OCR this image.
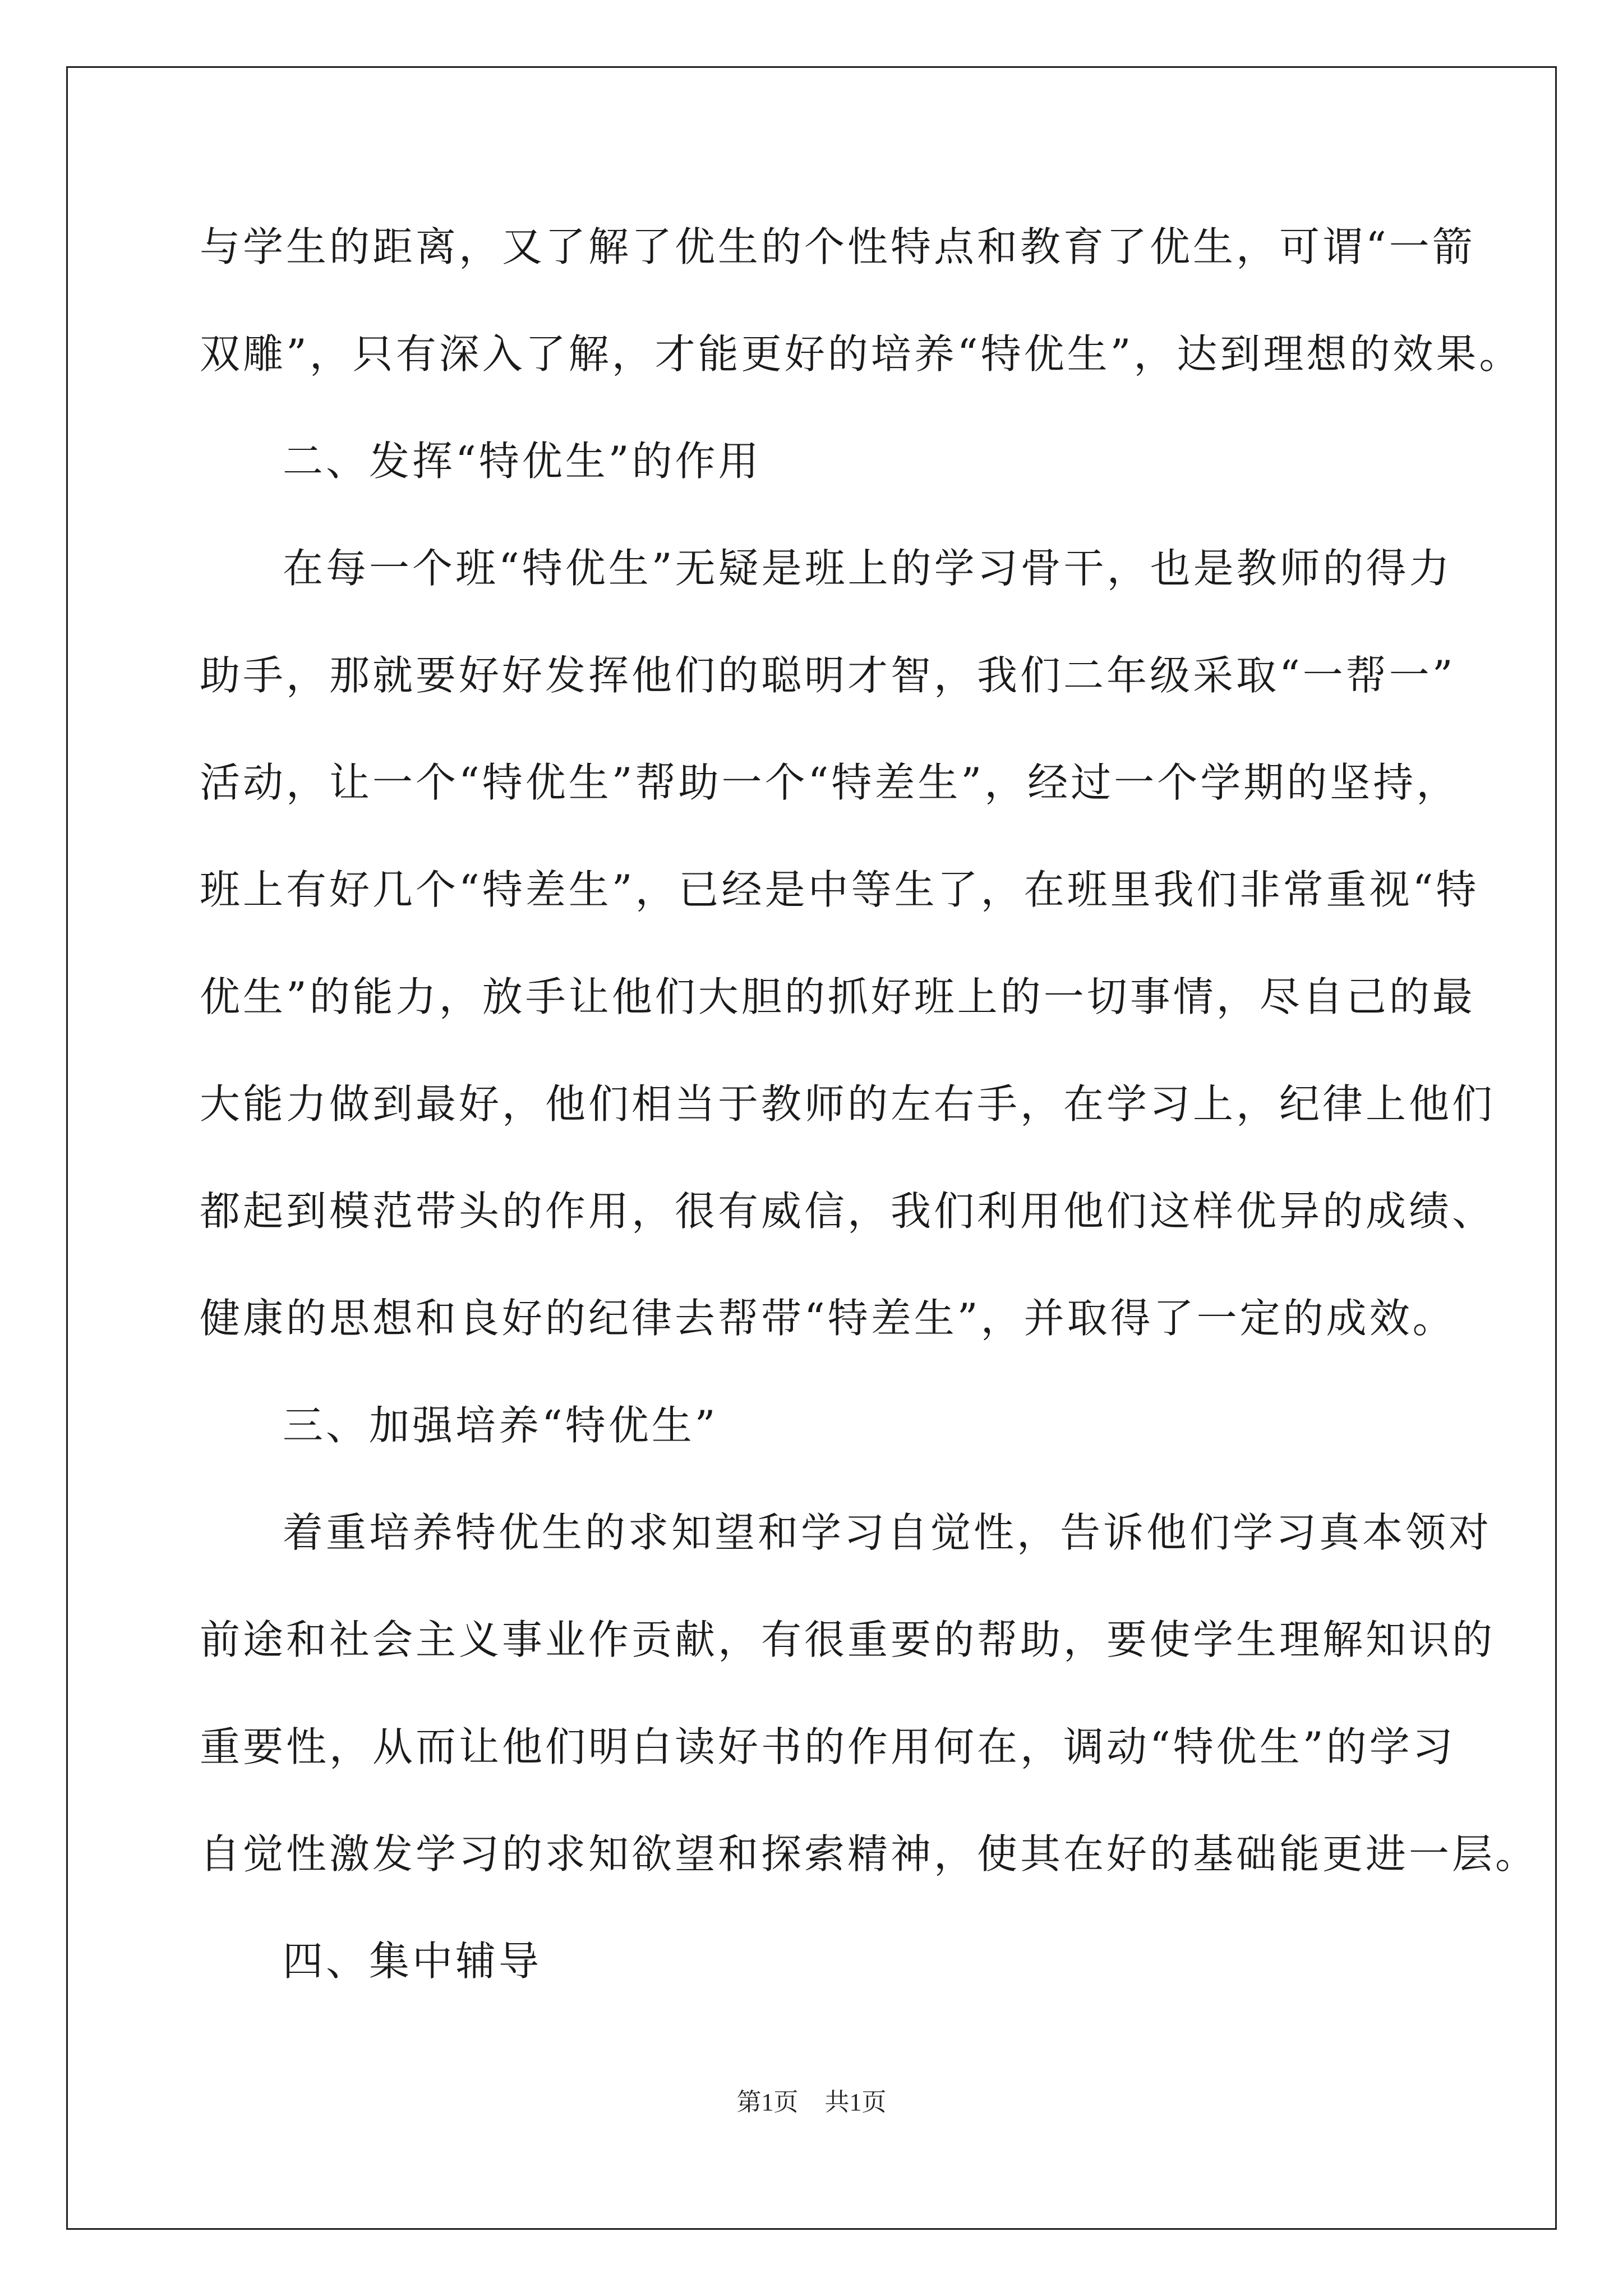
与学生的距离，又了解了优生的个性特点和教育了优生，可谓“一箭
双雕”，只有深入了解，才能更好的培养“特优生”，达到理想的效果。
二、发挥“特优生”的作用
在每一个班“特优生”无疑是班上的学习骨干，也是教师的得力
助手，那就要好好发挥他们的聪明才智，我们二年级采取“一帮一”
活动，让一个“特优生”帮助一个“特差生”，经过一个学期的坚持，
班上有好几个“特差生”，已经是中等生了，在班里我们非常重视“特
优生”的能力，放手让他们大胆的抓好班上的一切事情，尽自己的最
大能力做到最好，他们相当于教师的左右手，在学习上，纪律上他们
都起到模范带头的作用，很有威信，我们利用他们这样优异的成绩、
健康的思想和良好的纪律去帮带“特差生”，并取得了一定的成效。
三、加强培养“特优生”
着重培养特优生的求知望和学习自觉性，告诉他们学习真本领对
前途和社会主义事业作贡献，有很重要的帮助，要使学生理解知识的
重要性，从而让他们明白读好书的作用何在，调动“特优生”的学习
自觉性激发学习的求知欲望和探索精神，使其在好的基础能更进一层。
四、集中辅导
第1页 共1页
